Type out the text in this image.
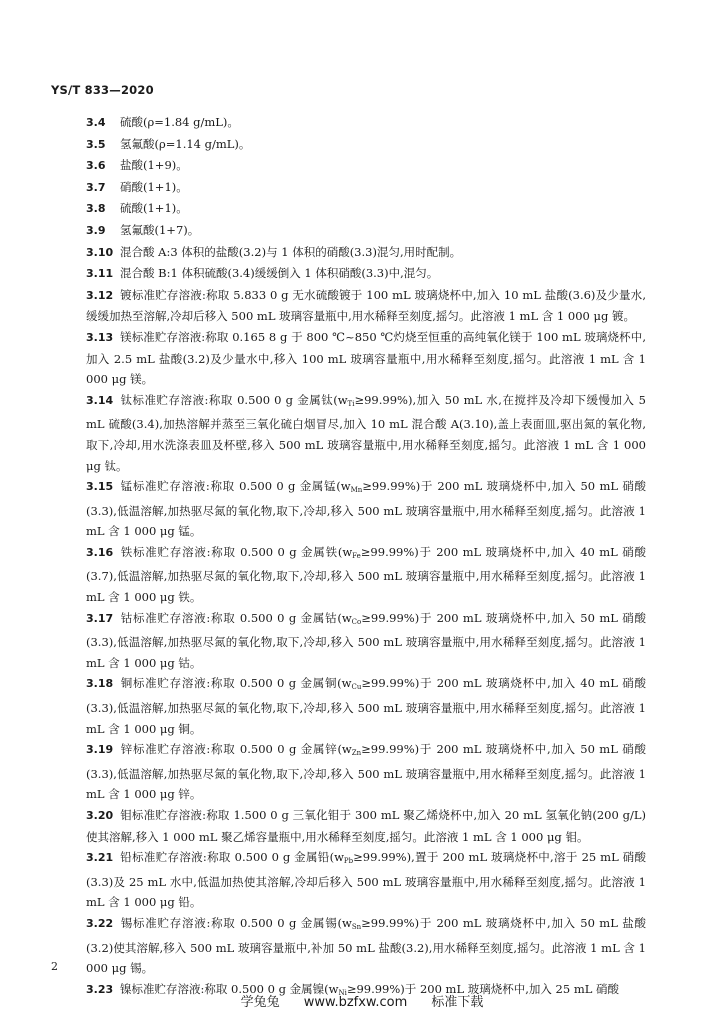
YS/T 833—2020

3.4 硫酸(ρ=1.84 g/mL)。

3.5 氢氟酸(ρ=1.14 g/mL)。

3.6 盐酸(1+9)。

3.7 硝酸(1+1)。

3.8 硫酸(1+1)。

3.9 氢氟酸(1+7)。

3.10 混合酸 A:3 体积的盐酸(3.2)与 1 体积的硝酸(3.3)混匀,用时配制。

3.11 混合酸 B:1 体积硫酸(3.4)缓缓倒入 1 体积硝酸(3.3)中,混匀。

3.12 镀标准贮存溶液:称取 5.833 0 g 无水硫酸镀于 100 mL 玻璃烧杯中,加入 10 mL 盐酸(3.6)及少量水,缓缓加热至溶解,冷却后移入 500 mL 玻璃容量瓶中,用水稀释至刻度,摇匀。此溶液 1 mL 含 1 000 μg 镀。

3.13 镁标准贮存溶液:称取 0.165 8 g 于 800 ℃~850 ℃灼烧至恒重的高纯氧化镁于 100 mL 玻璃烧杯中,加入 2.5 mL 盐酸(3.2)及少量水中,移入 100 mL 玻璃容量瓶中,用水稀释至刻度,摇匀。此溶液 1 mL 含 1 000 μg 镁。

3.14 钛标准贮存溶液:称取 0.500 0 g 金属钛$(w_{Ti}\ge 99.99\%)$,加入 50 mL 水,在搅拌及冷却下缓慢加入 5 mL 硫酸(3.4),加热溶解并蒸至三氧化硫白烟冒尽,加入 10 mL 混合酸 A(3.10),盖上表面皿,驱出氮的氧化物,取下,冷却,用水洗涤表皿及杯壁,移入 500 mL 玻璃容量瓶中,用水稀释至刻度,摇匀。此溶液 1 mL 含 1 000 μg 钛。

3.15 锰标准贮存溶液:称取 0.500 0 g 金属锰$(w_{Mn}\ge 99.99\%)$于 200 mL 玻璃烧杯中,加入 50 mL 硝酸(3.3),低温溶解,加热驱尽氮的氧化物,取下,冷却,移入 500 mL 玻璃容量瓶中,用水稀释至刻度,摇匀。此溶液 1 mL 含 1 000 μg 锰。

3.16 铁标准贮存溶液:称取 0.500 0 g 金属铁$(w_{Fe}\ge 99.99\%)$于 200 mL 玻璃烧杯中,加入 40 mL 硝酸(3.7),低温溶解,加热驱尽氮的氧化物,取下,冷却,移入 500 mL 玻璃容量瓶中,用水稀释至刻度,摇匀。此溶液 1 mL 含 1 000 μg 铁。

3.17 钴标准贮存溶液:称取 0.500 0 g 金属钴$(w_{Co}\ge 99.99\%)$于 200 mL 玻璃烧杯中,加入 50 mL 硝酸(3.3),低温溶解,加热驱尽氮的氧化物,取下,冷却,移入 500 mL 玻璃容量瓶中,用水稀释至刻度,摇匀。此溶液 1 mL 含 1 000 μg 钴。

3.18 铜标准贮存溶液:称取 0.500 0 g 金属铜$(w_{Cu}\ge 99.99\%)$于 200 mL 玻璃烧杯中,加入 40 mL 硝酸(3.3),低温溶解,加热驱尽氮的氧化物,取下,冷却,移入 500 mL 玻璃容量瓶中,用水稀释至刻度,摇匀。此溶液 1 mL 含 1 000 μg 铜。

3.19 锌标准贮存溶液:称取 0.500 0 g 金属锌$(w_{Zn}\ge 99.99\%)$于 200 mL 玻璃烧杯中,加入 50 mL 硝酸(3.3),低温溶解,加热驱尽氮的氧化物,取下,冷却,移入 500 mL 玻璃容量瓶中,用水稀释至刻度,摇匀。此溶液 1 mL 含 1 000 μg 锌。

3.20 钼标准贮存溶液:称取 1.500 0 g 三氧化钼于 300 mL 聚乙烯烧杯中,加入 20 mL 氢氧化钠(200 g/L)使其溶解,移入 1 000 mL 聚乙烯容量瓶中,用水稀释至刻度,摇匀。此溶液 1 mL 含 1 000 μg 钼。

3.21 铅标准贮存溶液:称取 0.500 0 g 金属铅$(w_{Pb}\ge 99.99\%)$,置于 200 mL 玻璃烧杯中,溶于 25 mL 硝酸(3.3)及 25 mL 水中,低温加热使其溶解,冷却后移入 500 mL 玻璃容量瓶中,用水稀释至刻度,摇匀。此溶液 1 mL 含 1 000 μg 铅。

3.22 锡标准贮存溶液:称取 0.500 0 g 金属锡$(w_{Sn}\ge 99.99\%)$于 200 mL 玻璃烧杯中,加入 50 mL 盐酸(3.2)使其溶解,移入 500 mL 玻璃容量瓶中,补加 50 mL 盐酸(3.2),用水稀释至刻度,摇匀。此溶液 1 mL 含 1 000 μg 锡。

3.23 镍标准贮存溶液:称取 0.500 0 g 金属镍$(w_{Ni}\ge 99.99\%)$于 200 mL 玻璃烧杯中,加入 25 mL 硝酸

2
学兔兔 www.bzfxw.com 标准下载
